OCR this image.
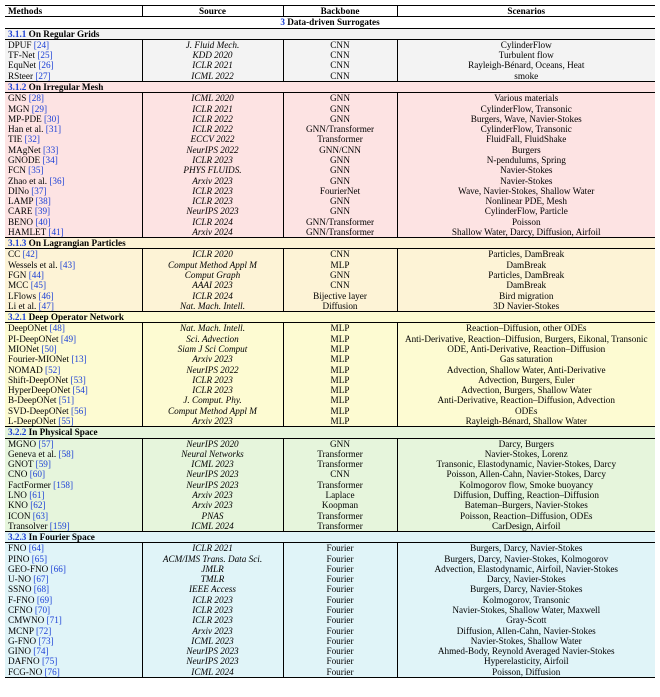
Methods	Source	Backbone	Scenarios
3 Data-driven Surrogates			
3.1.1 On Regular Grids			
DPUF [24]	J. Fluid Mech.	CNN	CylinderFlow
TF-Net [25]	KDD 2020	CNN	Turbulent flow
EquNet [26]	ICLR 2021	CNN	Rayleigh-Bénard, Oceans, Heat
RSteer [27]	ICML 2022	CNN	smoke
3.1.2 On Irregular Mesh			
GNS [28]	ICML 2020	GNN	Various materials
MGN [29]	ICLR 2021	GNN	CylinderFlow, Transonic
MP-PDE [30]	ICLR 2022	GNN	Burgers, Wave, Navier-Stokes
Han et al. [31]	ICLR 2022	GNN/Transformer	CylinderFlow, Transonic
TIE [32]	ECCV 2022	Transformer	FluidFall, FluidShake
MAgNet [33]	NeurIPS 2022	GNN/CNN	Burgers
GNODE [34]	ICLR 2023	GNN	N-pendulums, Spring
FCN [35]	PHYS FLUIDS.	GNN	Navier-Stokes
Zhao et al. [36]	Arxiv 2023	GNN	Navier-Stokes
DINo [37]	ICLR 2023	FourierNet	Wave, Navier-Stokes, Shallow Water
LAMP [38]	ICLR 2023	GNN	Nonlinear PDE, Mesh
CARE [39]	NeurIPS 2023	GNN	CylinderFlow, Particle
BENO [40]	ICLR 2024	GNN/Transformer	Poisson
HAMLET [41]	Arxiv 2024	GNN/Transformer	Shallow Water, Darcy, Diffusion, Airfoil
3.1.3 On Lagrangian Particles			
CC [42]	ICLR 2020	CNN	Particles, DamBreak
Wessels et al. [43]	Comput Method Appl M	MLP	DamBreak
FGN [44]	Comput Graph	GNN	Particles, DamBreak
MCC [45]	AAAI 2023	CNN	DamBreak
LFlows [46]	ICLR 2024	Bijective layer	Bird migration
Li et al. [47]	Nat. Mach. Intell.	Diffusion	3D Navier-Stokes
3.2.1 Deep Operator Network			
DeepONet [48]	Nat. Mach. Intell.	MLP	Reaction–Diffusion, other ODEs
PI-DeepONet [49]	Sci. Advection	MLP	Anti-Derivative, Reaction–Diffusion, Burgers, Eikonal, Transonic
MIONet [50]	Siam J Sci Comput	MLP	ODE, Anti-Derivative, Reaction–Diffusion
Fourier-MIONet [13]	Arxiv 2023	MLP	Gas saturation
NOMAD [52]	NeurIPS 2022	MLP	Advection, Shallow Water, Anti-Derivative
Shift-DeepONet [53]	ICLR 2023	MLP	Advection, Burgers, Euler
HyperDeepONet [54]	ICLR 2023	MLP	Advection, Burgers, Shallow Water
B-DeepONet [51]	J. Comput. Phy.	MLP	Anti-Derivative, Reaction–Diffusion, Advection
SVD-DeepONet [56]	Comput Method Appl M	MLP	ODEs
L-DeepONet [55]	Arxiv 2023	MLP	Rayleigh-Bénard, Shallow Water
3.2.2 In Physical Space			
MGNO [57]	NeurIPS 2020	GNN	Darcy, Burgers
Geneva et al. [58]	Neural Networks	Transformer	Navier-Stokes, Lorenz
GNOT [59]	ICML 2023	Transformer	Transonic, Elastodynamic, Navier-Stokes, Darcy
CNO [60]	NeurIPS 2023	CNN	Poisson, Allen-Cahn, Navier-Stokes, Darcy
FactFormer [158]	NeurIPS 2023	Transformer	Kolmogorov flow, Smoke buoyancy
LNO [61]	Arxiv 2023	Laplace	Diffusion, Duffing, Reaction–Diffusion
KNO [62]	Arxiv 2023	Koopman	Bateman–Burgers, Navier-Stokes
ICON [63]	PNAS	Transformer	Poisson, Reaction–Diffusion, ODEs
Transolver [159]	ICML 2024	Transformer	CarDesign, Airfoil
3.2.3 In Fourier Space			
FNO [64]	ICLR 2021	Fourier	Burgers, Darcy, Navier-Stokes
PINO [65]	ACM/IMS Trans. Data Sci.	Fourier	Burgers, Darcy, Navier-Stokes, Kolmogorov
GEO-FNO [66]	JMLR	Fourier	Advection, Elastodynamic, Airfoil, Navier-Stokes
U-NO [67]	TMLR	Fourier	Darcy, Navier-Stokes
SSNO [68]	IEEE Access	Fourier	Burgers, Darcy, Navier-Stokes
F-FNO [69]	ICLR 2023	Fourier	Kolmogorov, Transonic
CFNO [70]	ICLR 2023	Fourier	Navier-Stokes, Shallow Water, Maxwell
CMWNO [71]	ICLR 2023	Fourier	Gray-Scott
MCNP [72]	Arxiv 2023	Fourier	Diffusion, Allen-Cahn, Navier-Stokes
G-FNO [73]	ICML 2023	Fourier	Navier-Stokes, Shallow Water
GINO [74]	NeurIPS 2023	Fourier	Ahmed-Body, Reynold Averaged Navier-Stokes
DAFNO [75]	NeurIPS 2023	Fourier	Hyperelasticity, Airfoil
FCG-NO [76]	ICML 2024	Fourier	Poisson, Diffusion
